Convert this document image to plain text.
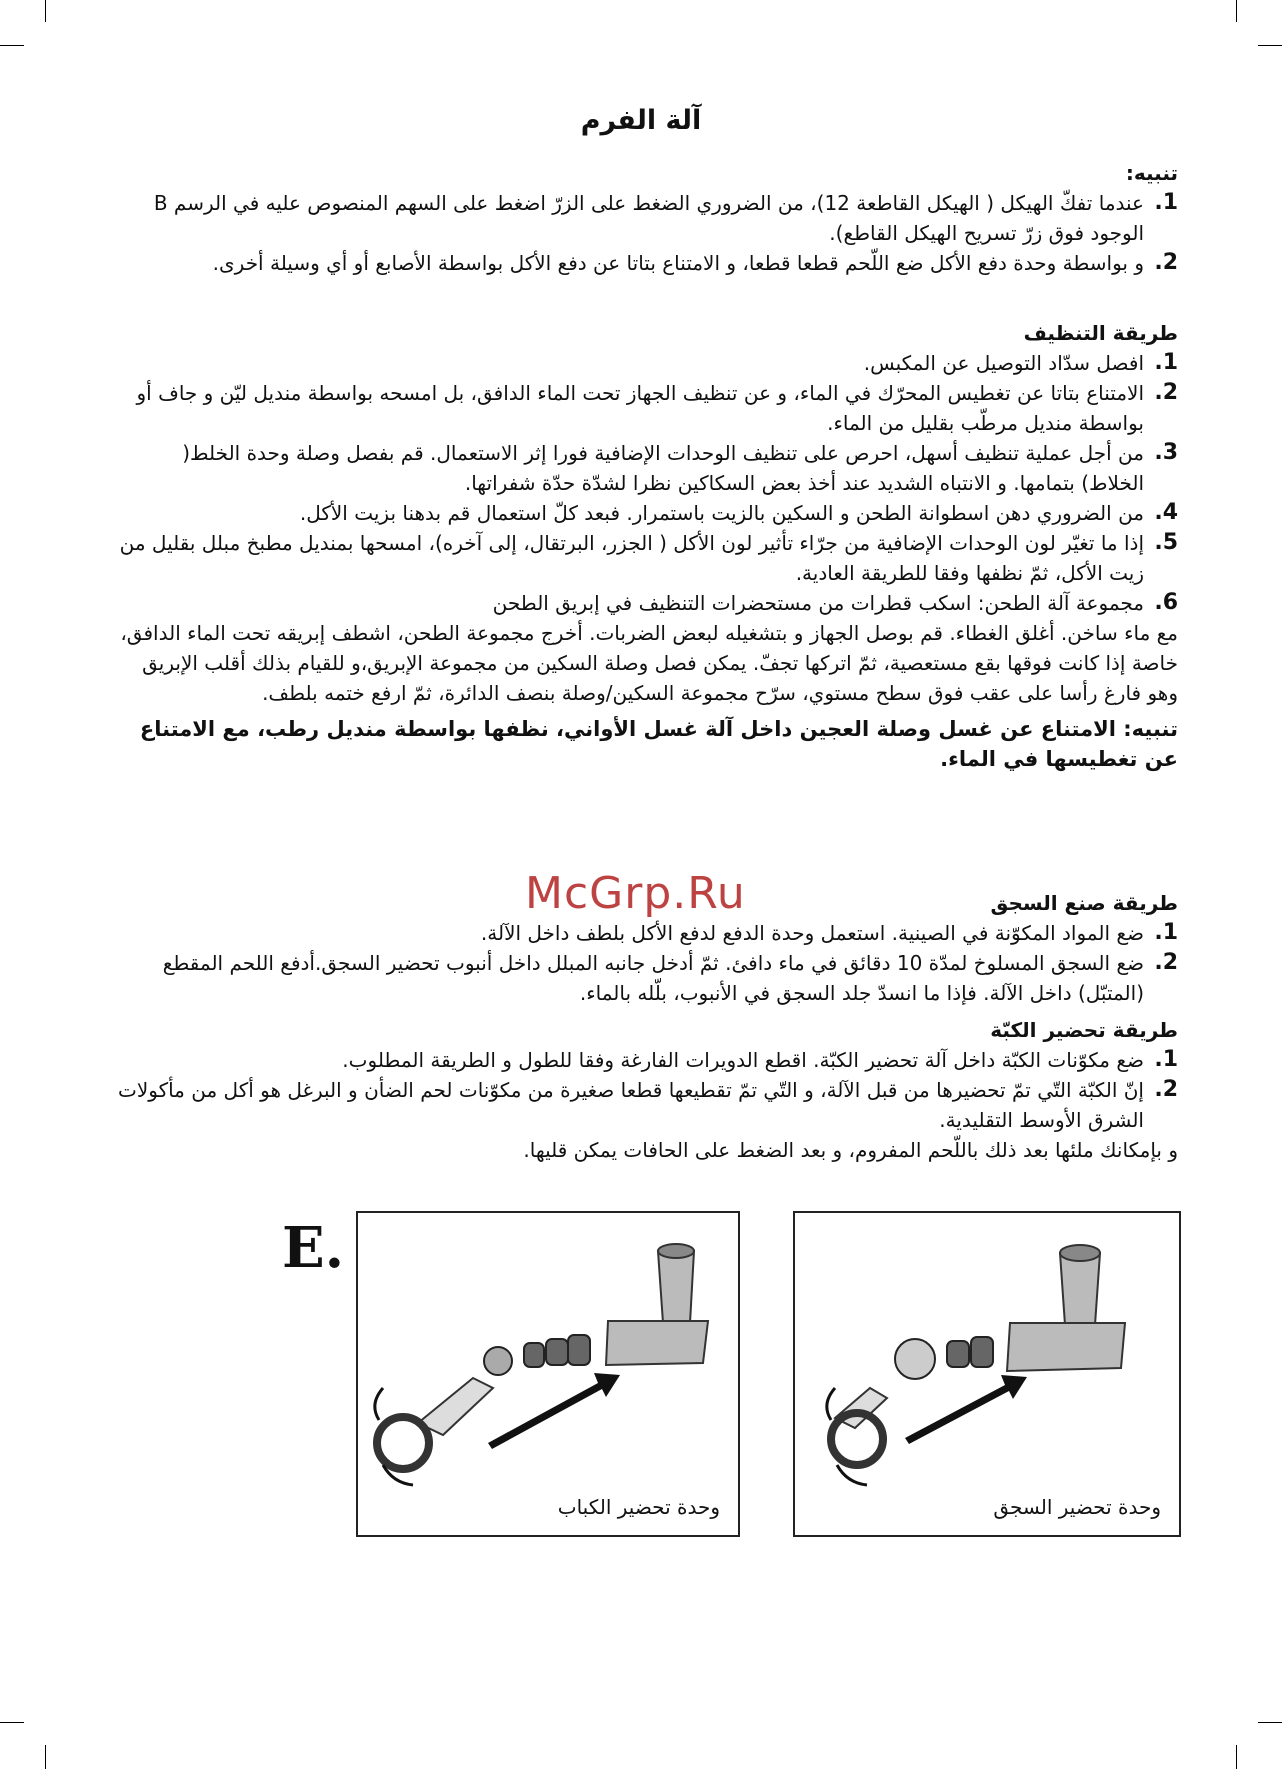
آلة الفرم
تنبيه:
1.
عندما تفكّ الهيكل ( الهيكل القاطعة 12)، من الضروري الضغط على الزرّ اضغط على السهم المنصوص عليه في الرسم B الوجود فوق زرّ تسريح الهيكل القاطع).
2.
و بواسطة وحدة دفع الأكل ضع اللّحم قطعا قطعا، و الامتناع بتاتا عن دفع الأكل بواسطة الأصابع أو أي وسيلة أخرى.
طريقة التنظيف
1.
افصل سدّاد التوصيل عن المكبس.
2.
الامتناع بتاتا عن تغطيس المحرّك في الماء، و عن تنظيف الجهاز تحت الماء الدافق، بل امسحه بواسطة منديل ليّن و جاف أو بواسطة منديل مرطّب بقليل من الماء.
3.
من أجل عملية تنظيف أسهل، احرص على تنظيف الوحدات الإضافية فورا إثر الاستعمال. قم بفصل وصلة وحدة الخلط( الخلاط) بتمامها. و الانتباه الشديد عند أخذ بعض السكاكين نظرا لشدّة حدّة شفراتها.
4.
من الضروري دهن اسطوانة الطحن و السكين بالزيت باستمرار. فبعد كلّ استعمال قم بدهنا بزيت الأكل.
5.
إذا ما تغيّر لون الوحدات الإضافية من جرّاء تأثير لون الأكل ( الجزر، البرتقال، إلى آخره)، امسحها بمنديل مطبخ مبلل بقليل من زيت الأكل، ثمّ نظفها وفقا للطريقة العادية.
6.
مجموعة آلة الطحن: اسكب قطرات من مستحضرات التنظيف في إبريق الطحن

مع ماء ساخن. أغلق الغطاء. قم بوصل الجهاز و بتشغيله لبعض الضربات. أخرج مجموعة الطحن، اشطف إبريقه تحت الماء الدافق، خاصة إذا كانت فوقها بقع مستعصية، ثمّ اتركها تجفّ. يمكن فصل وصلة السكين من مجموعة الإبريق،و للقيام بذلك أقلب الإبريق وهو فارغ رأسا على عقب فوق سطح مستوي، سرّح مجموعة السكين/وصلة بنصف الدائرة، ثمّ ارفع ختمه بلطف.

تنبيه: الامتناع عن غسل وصلة العجين داخل آلة غسل الأواني، نظفها بواسطة منديل رطب، مع الامتناع عن تغطيسها في الماء.

طريقة صنع السجق
1.
ضع المواد المكوّنة في الصينية. استعمل وحدة الدفع لدفع الأكل بلطف داخل الآلة.
2.
ضع السجق المسلوخ لمدّة 10 دقائق في ماء دافئ. ثمّ أدخل جانبه المبلل داخل أنبوب تحضير السجق.أدفع اللحم المقطع (المتبّل) داخل الآلة. فإذا ما انسدّ جلد السجق في الأنبوب، بلّله بالماء.
طريقة تحضير الكبّة
1.
ضع مكوّنات الكبّة داخل آلة تحضير الكبّة. اقطع الدويرات الفارغة وفقا للطول و الطريقة المطلوب.
2.
إنّ الكبّة التّي تمّ تحضيرها من قبل الآلة، و التّي تمّ تقطيعها قطعا صغيرة من مكوّنات لحم الضأن و البرغل هو أكل من مأكولات الشرق الأوسط التقليدية.

و بإمكانك ملئها بعد ذلك باللّحم المفروم، و بعد الضغط على الحافات يمكن قليها.

McGrp.Ru
E.
وحدة تحضير الكباب	وحدة تحضير السجق
